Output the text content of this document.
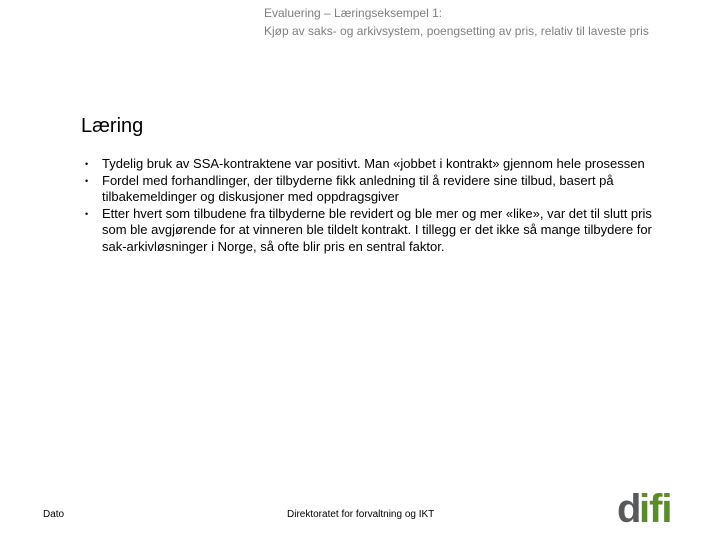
Evaluering – Læringseksempel 1:
Kjøp av saks- og arkivsystem, poengsetting av pris, relativ til laveste pris
Læring
• Tydelig bruk av SSA-kontraktene var positivt. Man «jobbet i kontrakt» gjennom hele prosessen
• Fordel med forhandlinger, der tilbyderne fikk anledning til å revidere sine tilbud, basert på tilbakemeldinger og diskusjoner med oppdragsgiver
• Etter hvert som tilbudene fra tilbyderne ble revidert og ble mer og mer «like», var det til slutt pris som ble avgjørende for at vinneren ble tildelt kontrakt. I tillegg er det ikke så mange tilbydere for sak-arkivløsninger i Norge, så ofte blir pris en sentral faktor.
Dato	Direktoratet for forvaltning og IKT	d
ifi
